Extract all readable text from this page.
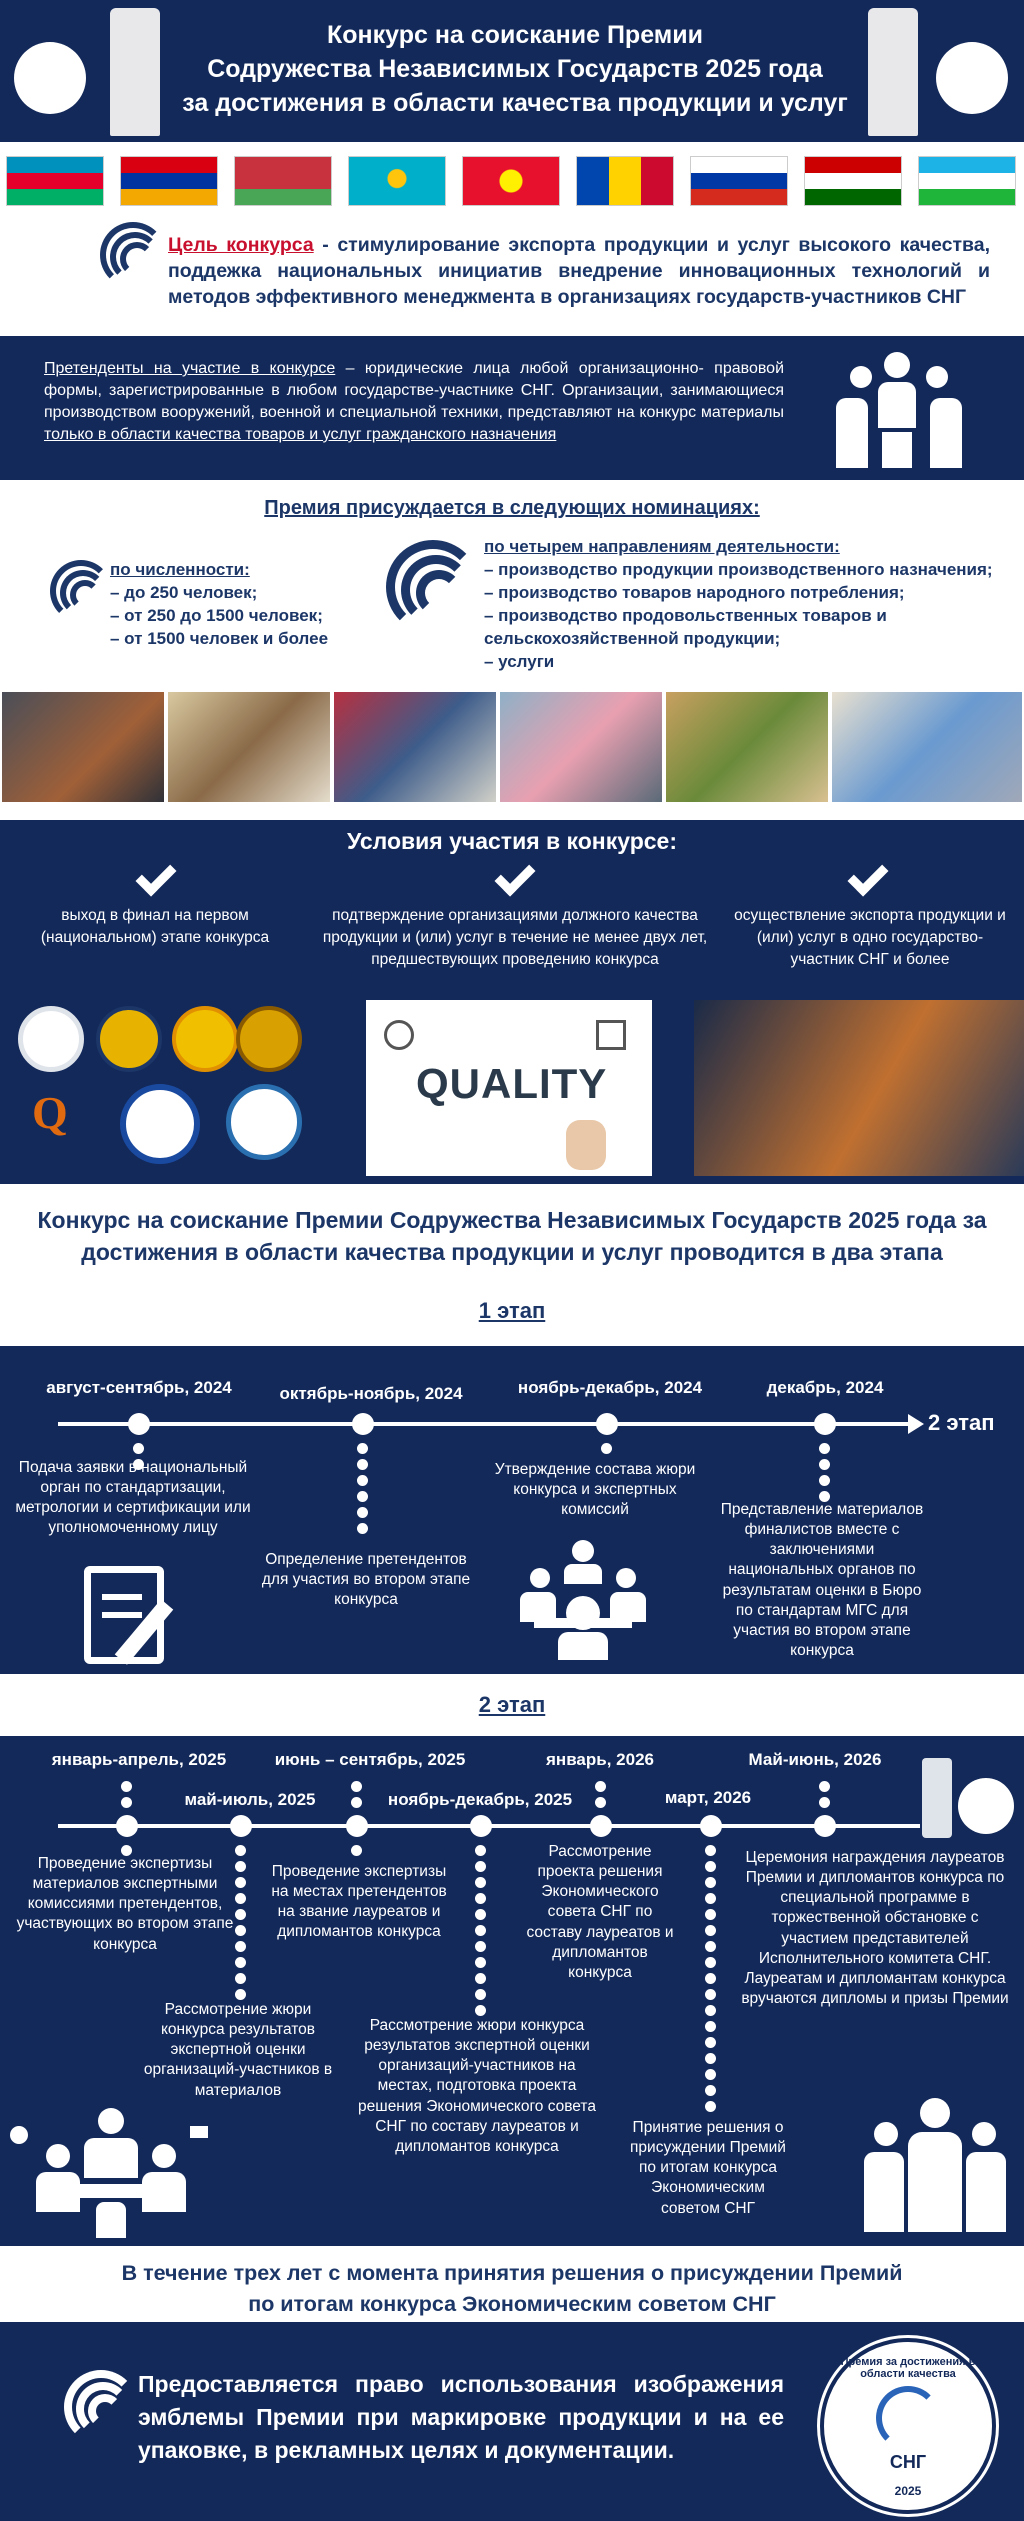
Конкурс на соискание Премии
Содружества Независимых Государств 2025 года
за достижения в области качества продукции и услуг
Цель конкурса - стимулирование экспорта продукции и услуг высокого качества, поддежка национальных инициатив внедрение инновационных технологий и методов эффективного менеджмента в организациях государств-участников СНГ
Претенденты на участие в конкурсе – юридические лица любой организационно- правовой формы, зарегистрированные в любом государстве-участнике СНГ. Организации, занимающиеся производством вооружений, военной и специальной техники, представляют на конкурс материалы только в области качества товаров и услуг гражданского назначения
Премия присуждается в следующих номинациях:
по численности:
– до 250 человек;
– от 250 до 1500 человек;
– от 1500 человек и более
по четырем направлениям деятельности:
– производство продукции производственного назначения;
– производство товаров народного потребления;
– производство продовольственных товаров и
сельскохозяйственной продукции;
– услуги
Условия участия в конкурсе:
выход в финал на первом (национальном) этапе конкурса
подтверждение организациями должного качества продукции и (или) услуг в течение не менее двух лет, предшествующих проведению конкурса
осуществление экспорта продукции и (или) услуг в одно государство-участник СНГ и более
Q
QUALITY
Конкурс на соискание Премии Содружества Независимых Государств 2025 года за достижения в области качества продукции и услуг проводится в два этапа
1 этап
2 этап
август-сентябрь, 2024	октябрь-ноябрь, 2024	ноябрь-декабрь, 2024	декабрь, 2024
Подача заявки в национальный орган по стандартизации, метрологии и сертификации или уполномоченному лицу
Определение претендентов для участия во втором этапе конкурса
Утверждение состава жюри конкурса и экспертных комиссий	Представление материалов финалистов вместе с заключениями национальных органов по результатам оценки в Бюро по стандартам МГС для участия во втором этапе конкурса
2 этап
январь-апрель, 2025
май-июль, 2025
июнь – сентябрь, 2025
ноябрь-декабрь, 2025
январь, 2026
март, 2026
Май-июнь, 2026
Проведение экспертизы материалов экспертными комиссиями претендентов, участвующих во втором этапе конкурса
Рассмотрение жюри конкурса результатов экспертной оценки организаций-участников в материалов
Проведение экспертизы на местах претендентов на звание лауреатов и дипломантов конкурса
Рассмотрение жюри конкурса результатов экспертной оценки организаций-участников на местах, подготовка проекта решения Экономического совета СНГ по составу лауреатов и дипломантов конкурса
Рассмотрение проекта решения Экономического совета СНГ по составу лауреатов и дипломантов конкурса
Принятие решения о присуждении Премий по итогам конкурса Экономическим советом СНГ
Церемония награждения лауреатов Премии и дипломантов конкурса по специальной программе в торжественной обстановке с участием представителей Исполнительного комитета СНГ. Лауреатам и дипломантам конкурса вручаются дипломы и призы Премии
В течение трех лет с момента принятия решения о присуждении Премий по итогам конкурса Экономическим советом СНГ
Предоставляется право использования изображения эмблемы Премии при маркировке продукции и на ее упаковке, в рекламных целях и документации.
Премия за достижения в области качества
СНГ
2025
